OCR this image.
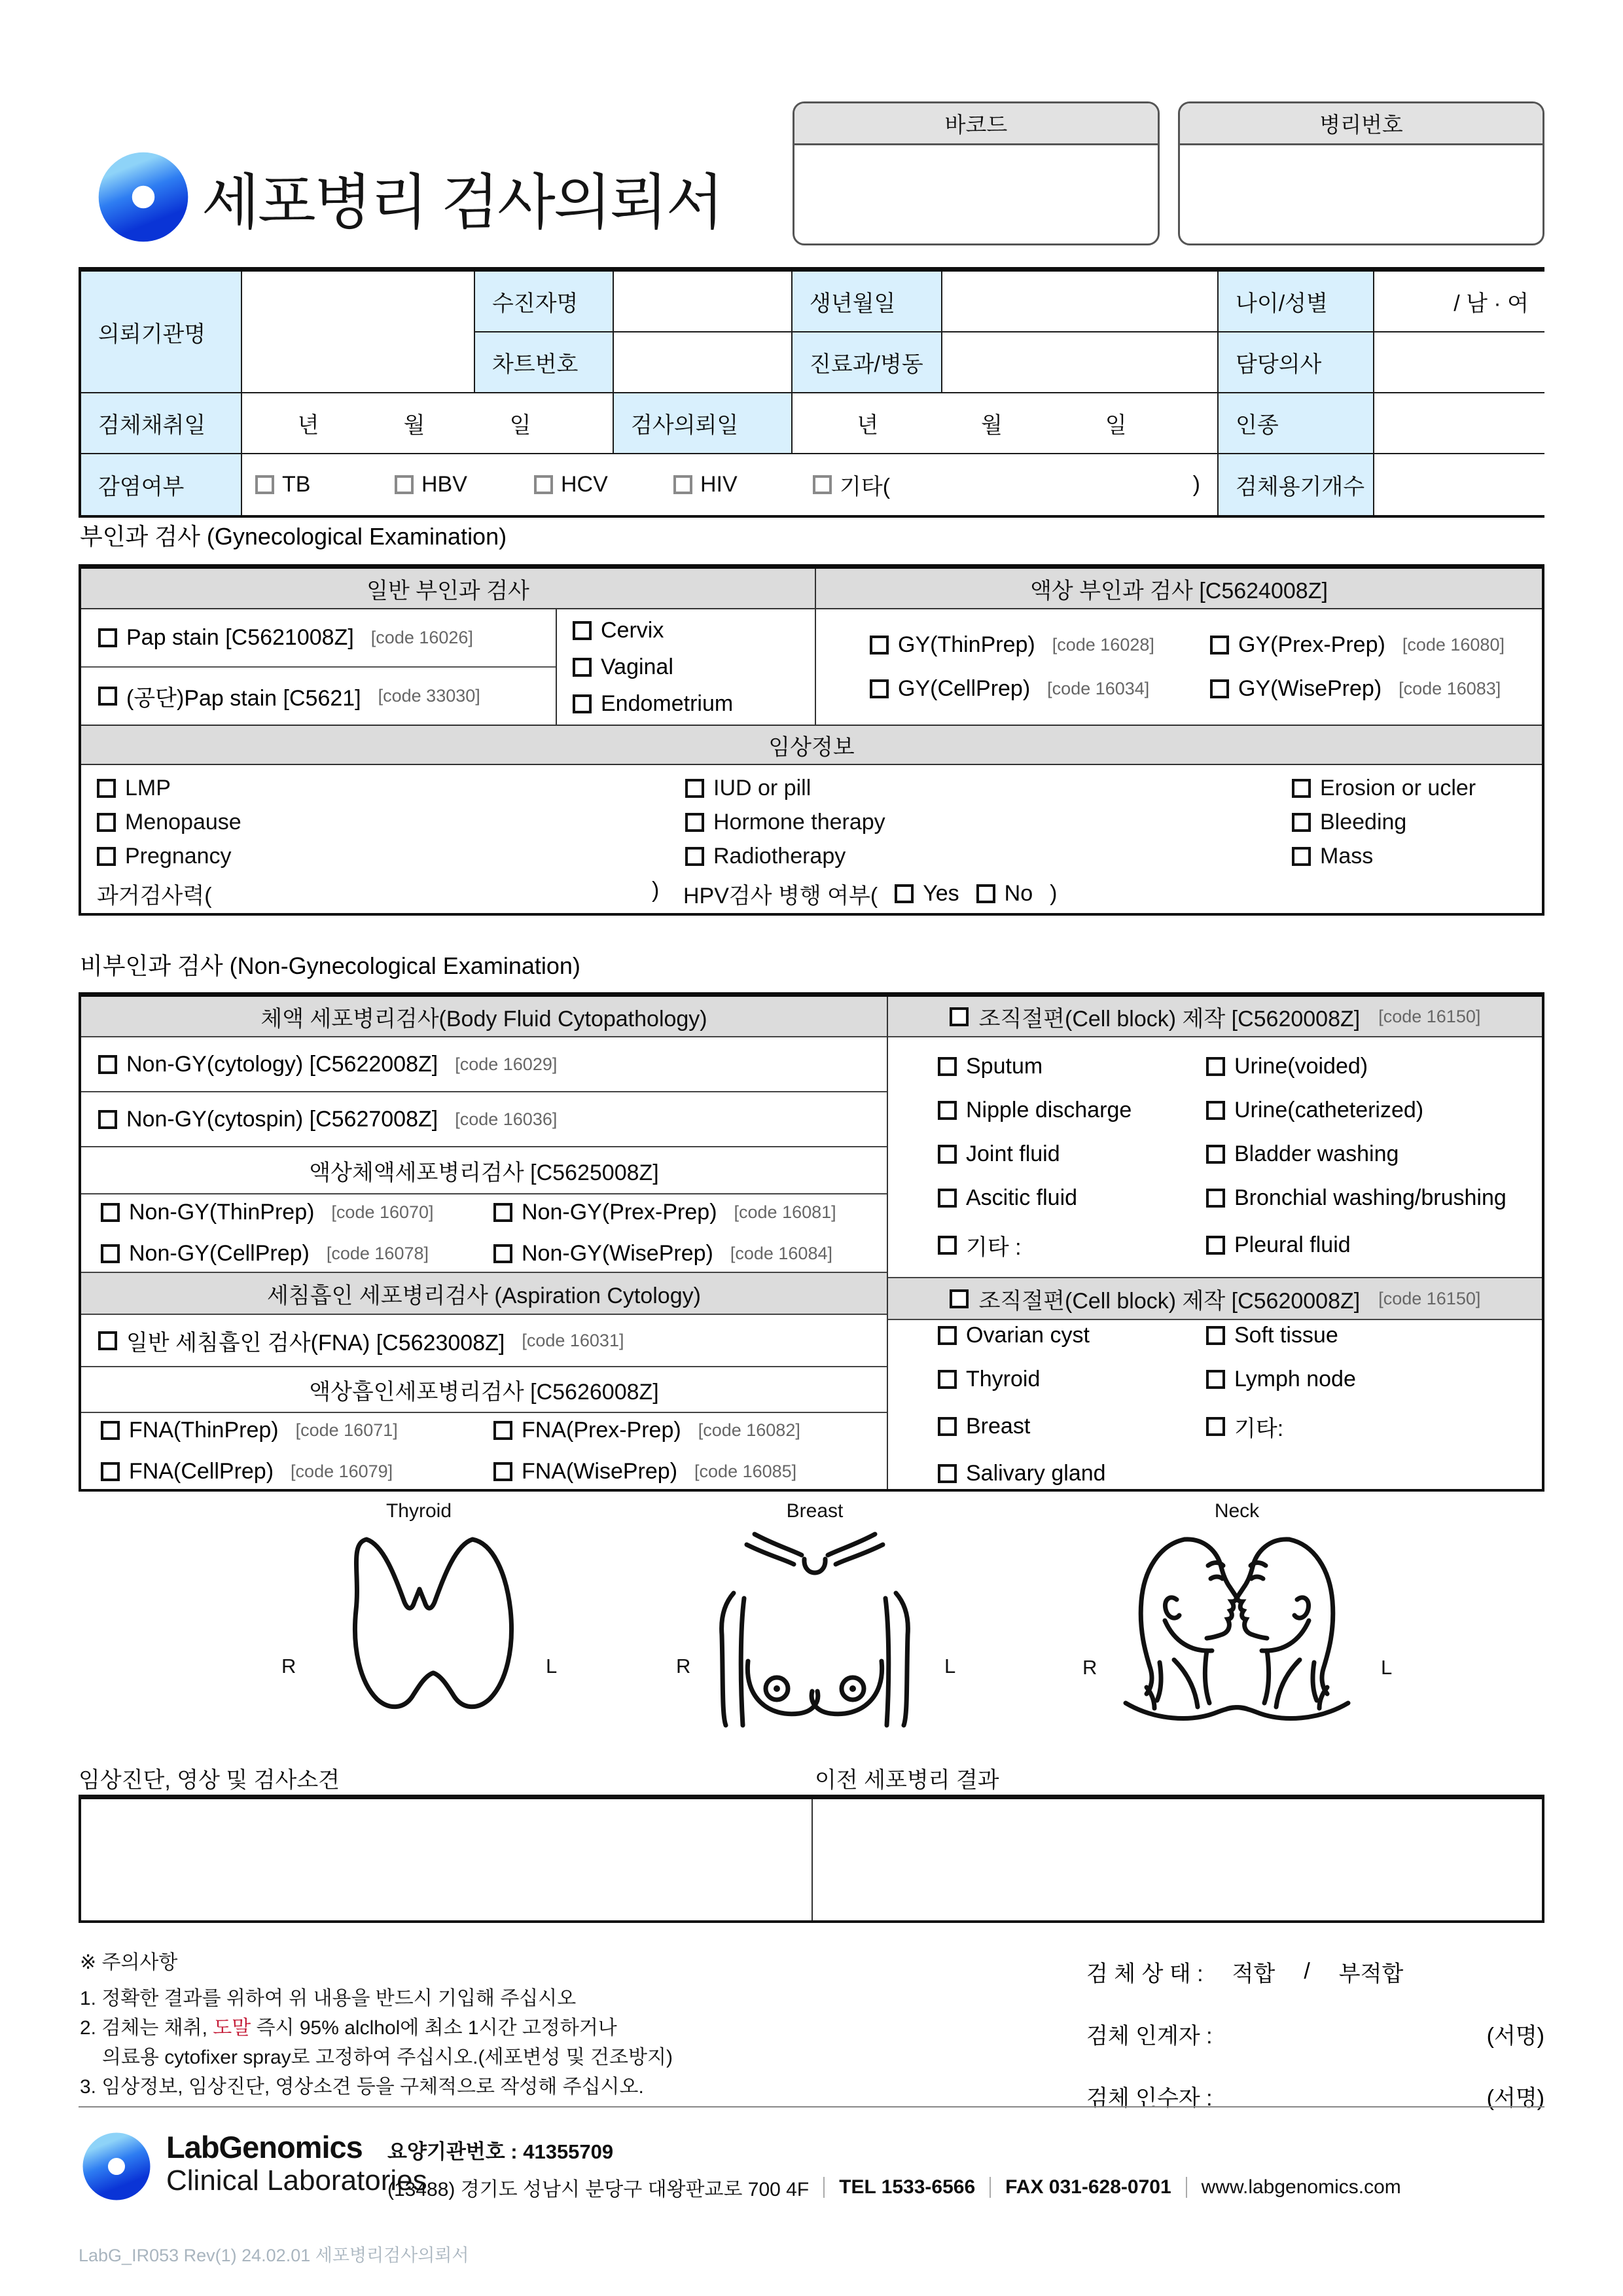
세포병리 검사의뢰서
바코드	병리번호
의뢰기관명
수진자명	생년월일	나이/성별	/ 남 · 여
차트번호	진료과/병동	담당의사
검체채취일	년	월	일	검사의뢰일	년	월	일	인종
감염여부	TB	HBV	HCV	HIV	기타(	)	검체용기개수
부인과 검사 (Gynecological Examination)
일반 부인과 검사	액상 부인과 검사 [C5624008Z]
Pap stain [C5621008Z] [code 16026]
(공단)Pap stain [C5621] [code 33030]
Cervix
Vaginal
Endometrium
GY(ThinPrep) [code 16028]	GY(Prex-Prep) [code 16080]
GY(CellPrep) [code 16034]	GY(WisePrep) [code 16083]
임상정보
LMP	IUD or pill	Erosion or ucler
Menopause	Hormone therapy	Bleeding
Pregnancy	Radiotherapy	Mass
과거검사력(	) HPV검사 병행 여부( Yes No )
비부인과 검사 (Non-Gynecological Examination)
체액 세포병리검사(Body Fluid Cytopathology)
Non-GY(cytology) [C5622008Z] [code 16029]
Non-GY(cytospin) [C5627008Z] [code 16036]
액상체액세포병리검사 [C5625008Z]
Non-GY(ThinPrep) [code 16070]	Non-GY(Prex-Prep) [code 16081]
Non-GY(CellPrep) [code 16078]	Non-GY(WisePrep) [code 16084]
세침흡인 세포병리검사 (Aspiration Cytology)
일반 세침흡인 검사(FNA) [C5623008Z] [code 16031]
액상흡인세포병리검사 [C5626008Z]
FNA(ThinPrep) [code 16071]	FNA(Prex-Prep) [code 16082]
FNA(CellPrep) [code 16079]	FNA(WisePrep) [code 16085]
조직절편(Cell block) 제작 [C5620008Z] [code 16150]
Sputum	Urine(voided)
Nipple discharge	Urine(catheterized)
Joint fluid	Bladder washing
Ascitic fluid	Bronchial washing/brushing
기타 :	Pleural fluid
조직절편(Cell block) 제작 [C5620008Z] [code 16150]
Ovarian cyst	Soft tissue
Thyroid	Lymph node
Breast	기타:
Salivary gland
Thyroid
R	L
Breast
R	L
Neck
R	L
임상진단, 영상 및 검사소견	이전 세포병리 결과
※ 주의사항
1. 정확한 결과를 위하여 위 내용을 반드시 기입해 주십시오
2. 검체는 채취, 도말 즉시 95% alclhol에 최소 1시간 고정하거나
의료용 cytofixer spray로 고정하여 주십시오.(세포변성 및 건조방지)
3. 임상정보, 임상진단, 영상소견 등을 구체적으로 작성해 주십시오.
검 체 상 태 : 적합 / 부적합
검체 인계자 :	(서명)
검체 인수자 :	(서명)
LabGenomics
Clinical Laboratories
요양기관번호 : 41355709
(13488) 경기도 성남시 분당구 대왕판교로 700 4F TEL 1533-6566 FAX 031-628-0701 www.labgenomics.com
LabG_IR053 Rev(1) 24.02.01 세포병리검사의뢰서
